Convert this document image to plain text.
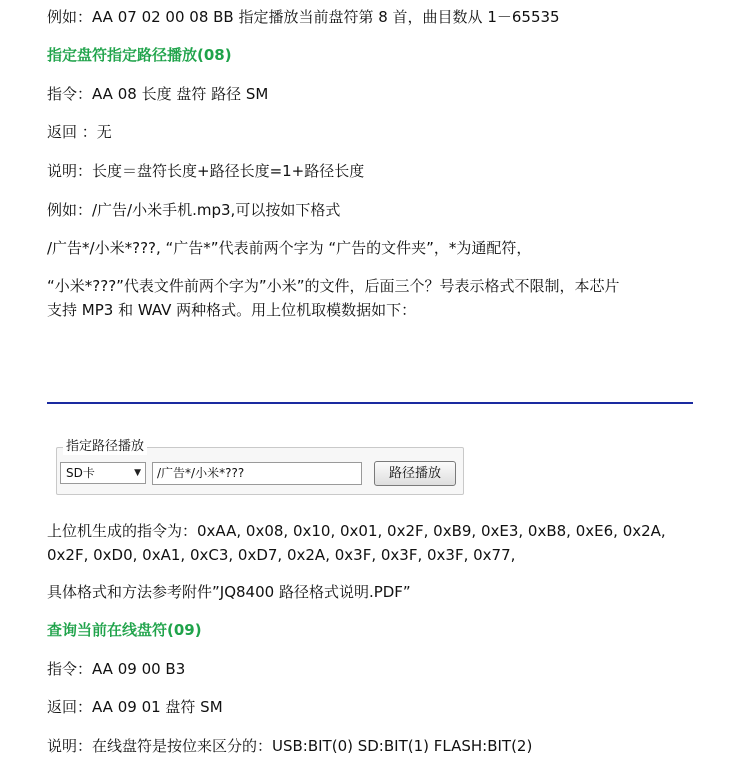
例如：AA 07 02 00 08 BB 指定播放当前盘符第 8 首，曲目数从 1－65535
指定盘符指定路径播放(08)
指令：AA 08 长度 盘符 路径 SM
返回 ：无
说明：长度＝盘符长度+路径长度=1+路径长度
例如：/广告/小米手机.mp3,可以按如下格式
/广告*/小米*???, “广告*”代表前两个字为 “广告的文件夹”，*为通配符，
“小米*???”代表文件前两个字为”小米”的文件，后面三个？号表示格式不限制，本芯片
支持 MP3 和 WAV 两种格式。用上位机取模数据如下：
指定路径播放
SD卡	▼	/广告*/小米*???	路径播放
上位机生成的指令为：0xAA, 0x08, 0x10, 0x01, 0x2F, 0xB9, 0xE3, 0xB8, 0xE6, 0x2A,
0x2F, 0xD0, 0xA1, 0xC3, 0xD7, 0x2A, 0x3F, 0x3F, 0x3F, 0x77,
具体格式和方法参考附件”JQ8400 路径格式说明.PDF”
查询当前在线盘符(09)
指令：AA 09 00 B3
返回：AA 09 01 盘符 SM
说明：在线盘符是按位来区分的：USB:BIT(0) SD:BIT(1) FLASH:BIT(2)
